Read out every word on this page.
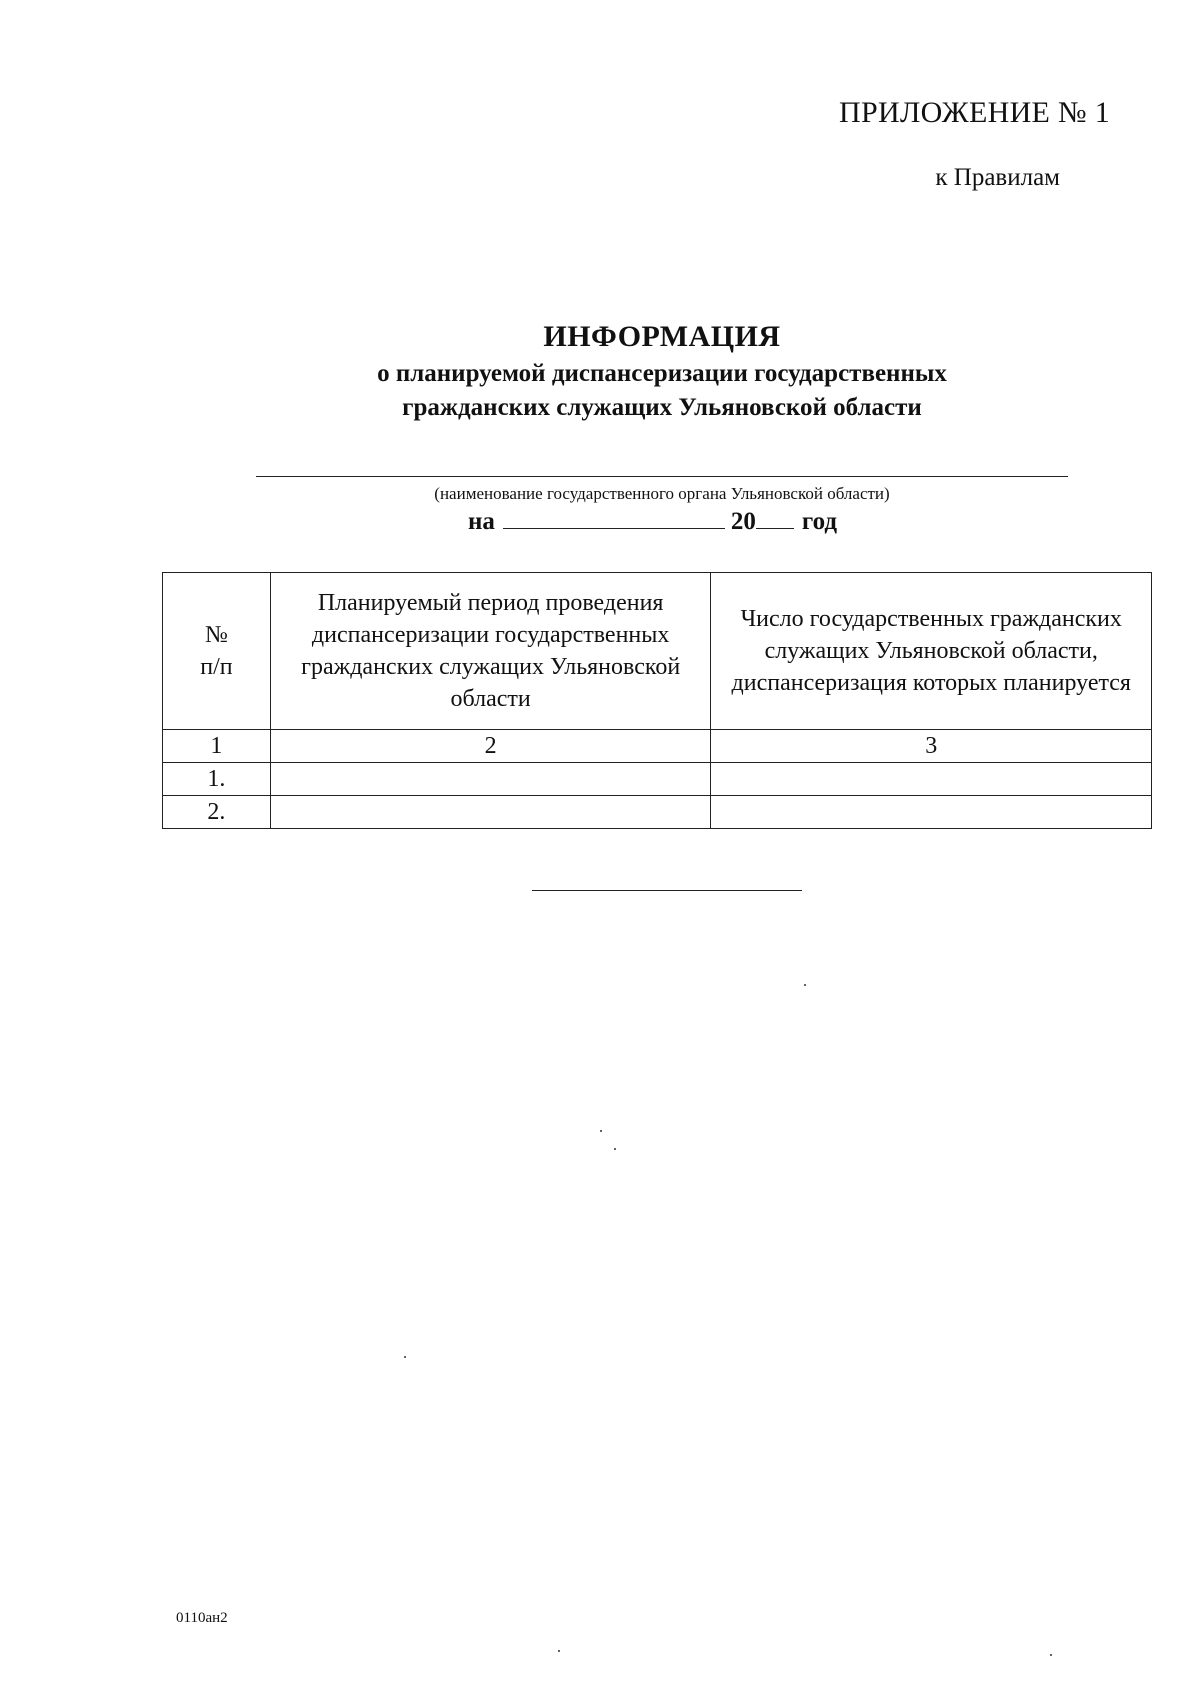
ПРИЛОЖЕНИЕ № 1
к Правилам
ИНФОРМАЦИЯ
о планируемой диспансеризации государственных
гражданских служащих Ульяновской области
(наименование государственного органа Ульяновской области)
на	20 год
№
п/п	Планируемый период проведения диспансеризации государственных гражданских служащих Ульяновской области	Число государственных гражданских служащих Ульяновской области, диспансеризация которых планируется
1	2	3
1.		
2.		
0110ан2
